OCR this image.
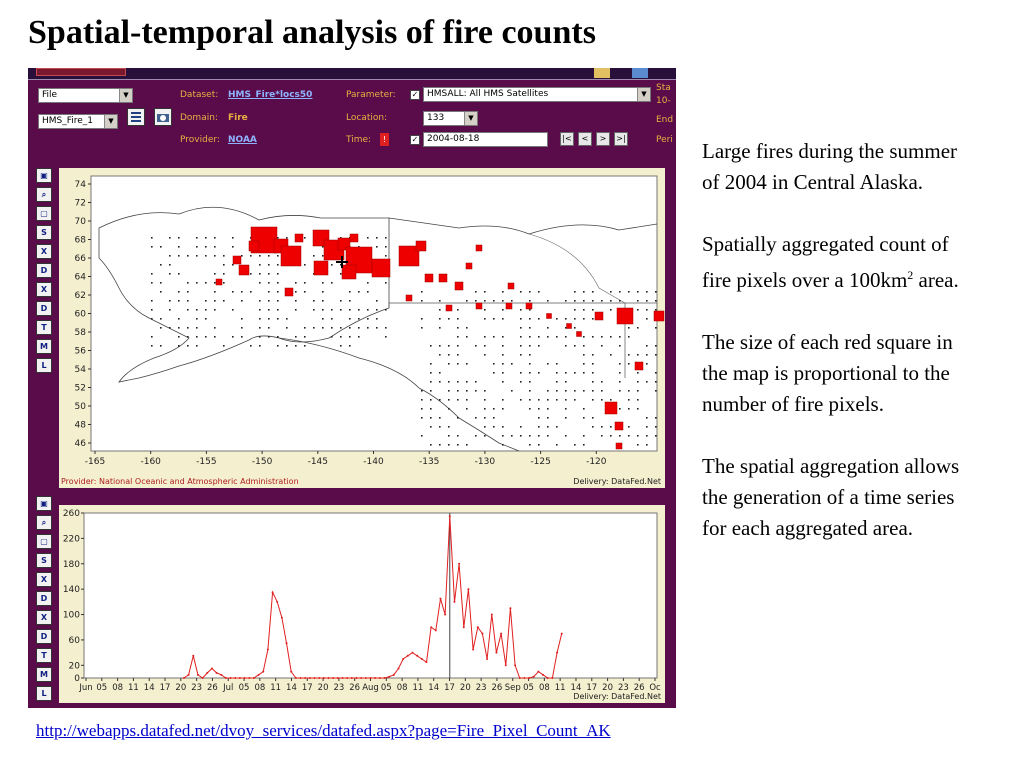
Spatial-temporal analysis of fire counts
File	▼
HMS_Fire_1	▼
Dataset: HMS_Fire*locs50
Domain: Fire
Provider: NOAA
Parameter: ✓ HMSALL: All HMS Satellites	▼
Location:	133	▼
Time:	!	✓ 2004-08-18	|<	<	>	>|
Sta
10-
End
Peri
▣
⌕
▢
S
X
D
X
D
T
M
L
74
72
70
68
66
64
62
60
58
56
54
52
50
48
46
-165	-160	-155	-150	-145	-140	-135	-130	-125	-120
Provider: National Oceanic and Atmospheric Administration	Delivery: DataFed.Net
▣
⌕
▢
S
X
D
X
D
T
M
L
260
220
180
140
100
60
20
0
Jun 05 08 11 14 17 20 23 26 Jul 05 08 11 14 17 20 23 26 Aug 05 08 11 14 17 20 23 26 Sep 05 08 11 14 17 20 23 26 Oc
Delivery: DataFed.Net

Large fires during the summer of 2004 in Central Alaska.

Spatially aggregated count of fire pixels over a $100km^2$ area.

The size of each red square in the map is proportional to the number of fire pixels.

The spatial aggregation allows the generation of a time series for each aggregated area.

http://webapps.datafed.net/dvoy_services/datafed.aspx?page=Fire_Pixel_Count_AK
